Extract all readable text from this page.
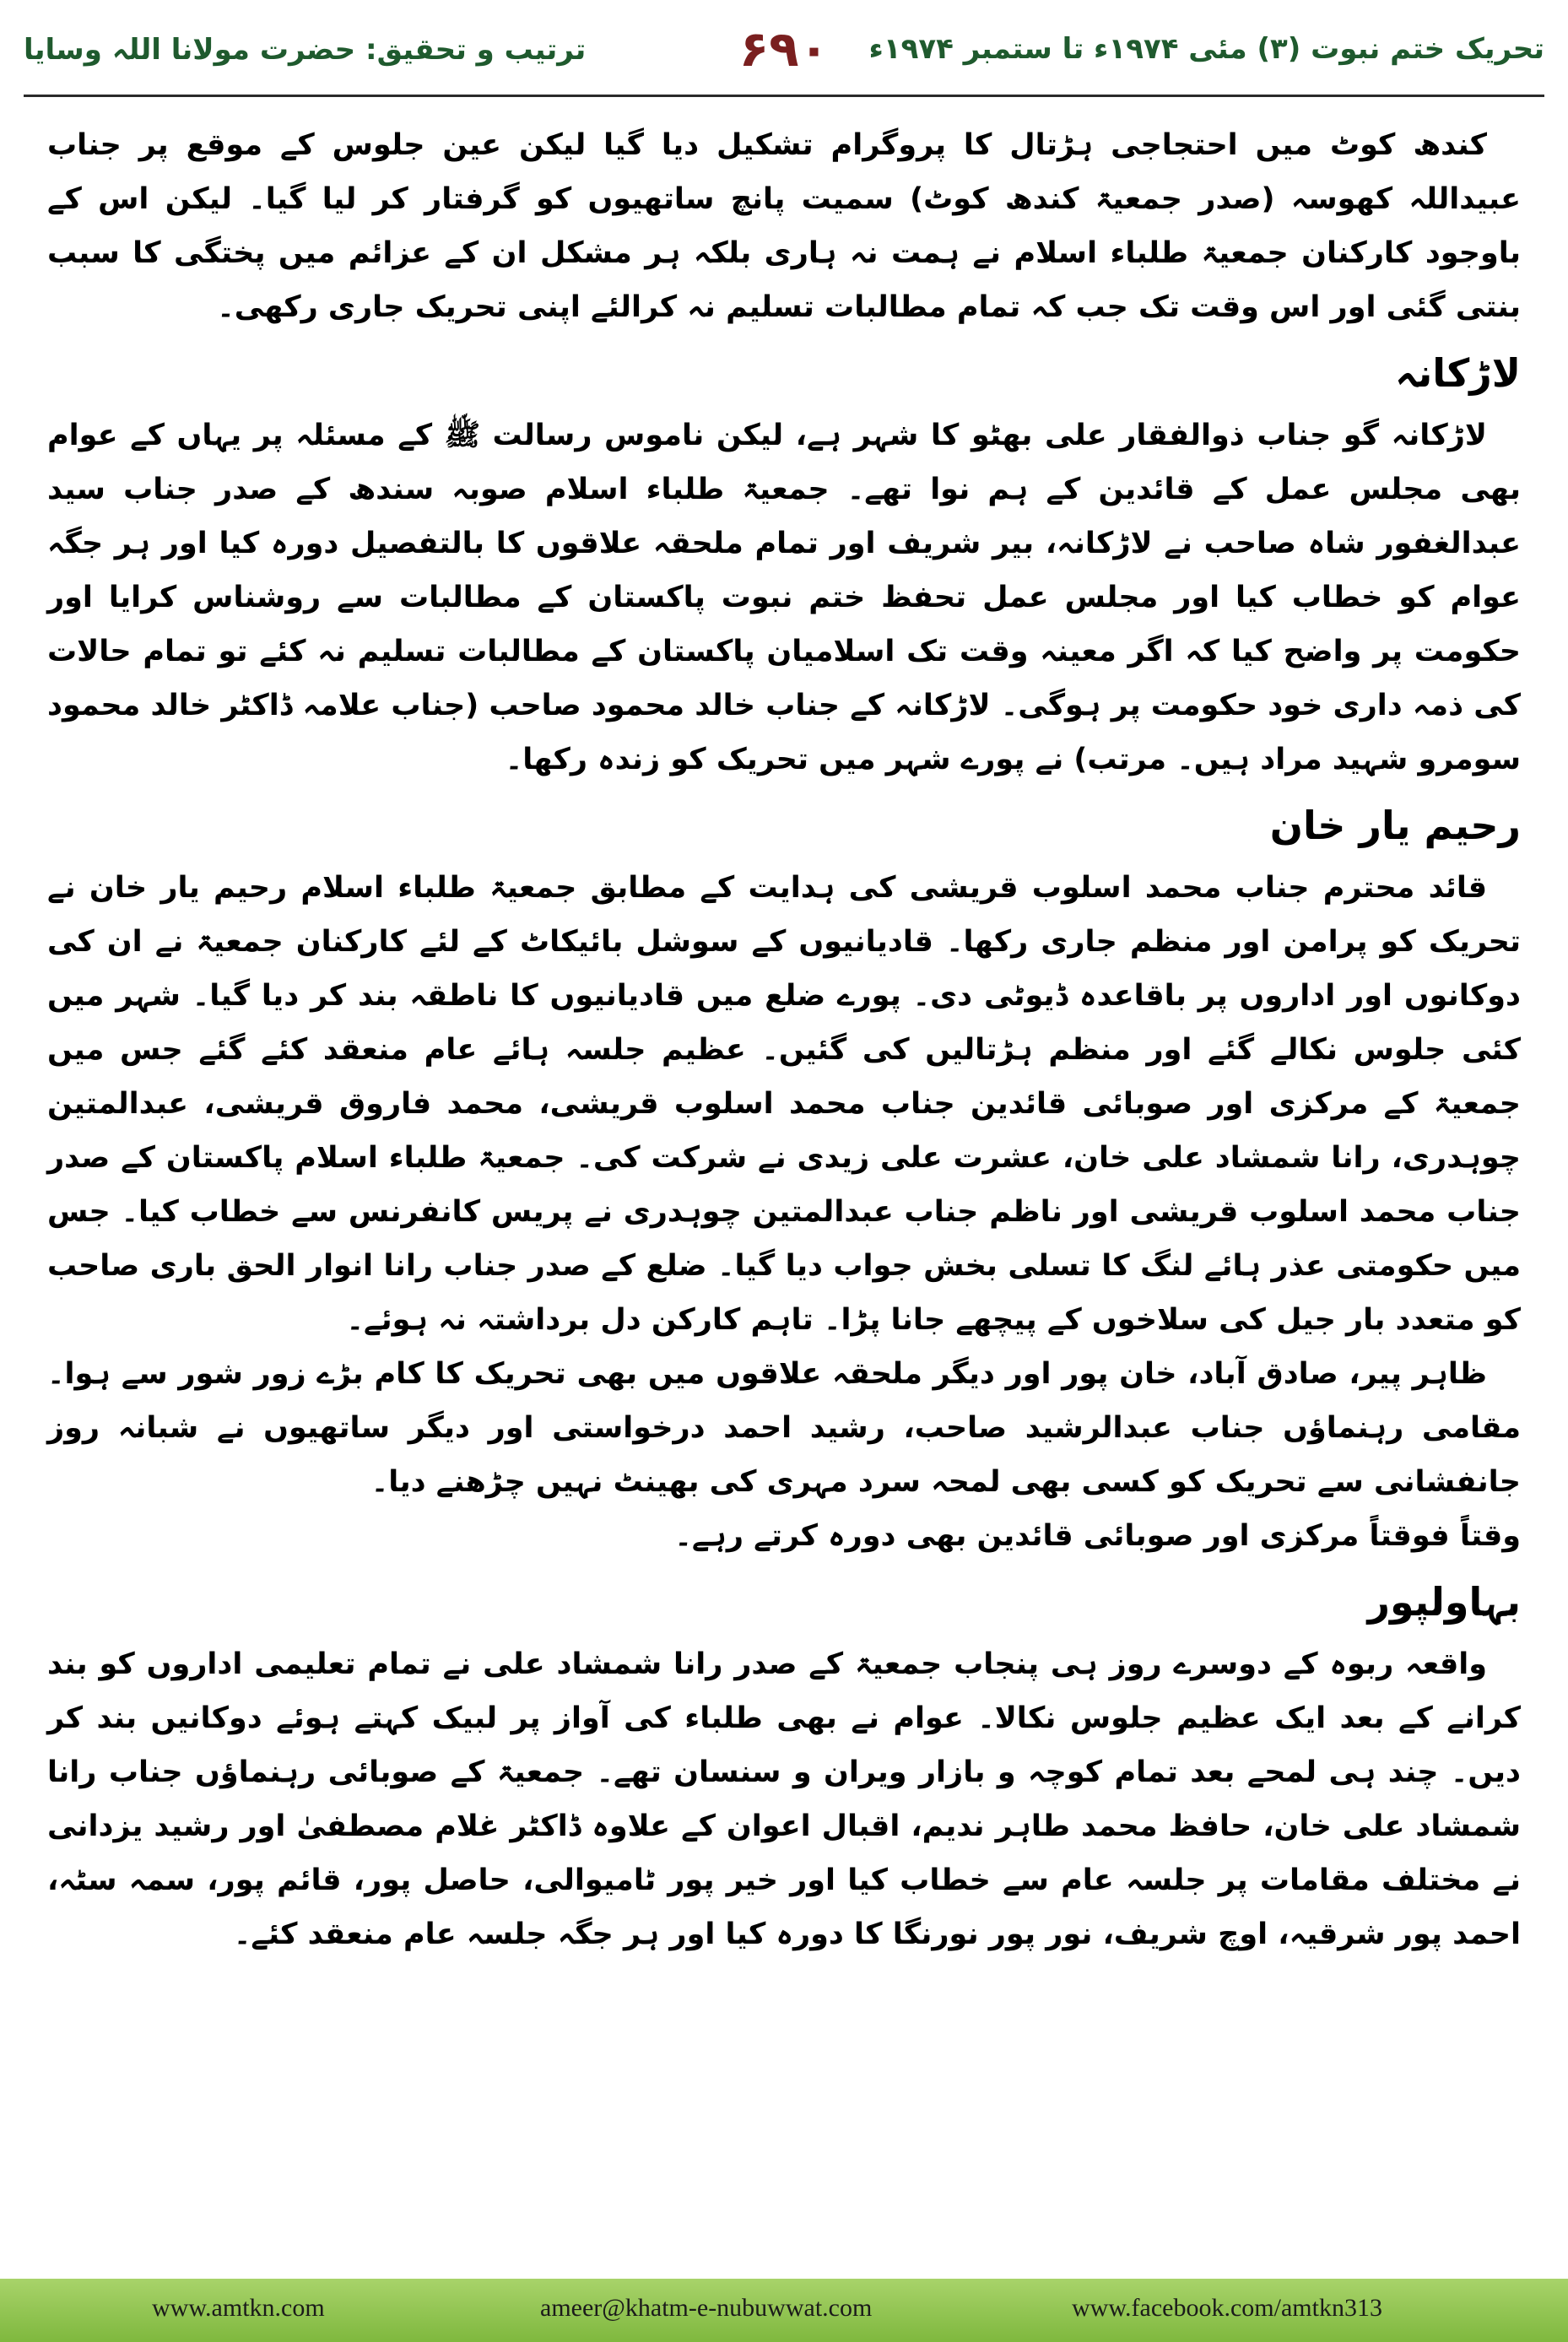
تحریک ختم نبوت (۳) مئی ۱۹۷۴ء تا ستمبر ۱۹۷۴ء
۶۹۰
ترتیب و تحقیق: حضرت مولانا اللہ وسایا

کندھ کوٹ میں احتجاجی ہڑتال کا پروگرام تشکیل دیا گیا لیکن عین جلوس کے موقع پر جناب عبیداللہ کھوسہ (صدر جمعیۃ کندھ کوٹ) سمیت پانچ ساتھیوں کو گرفتار کر لیا گیا۔ لیکن اس کے باوجود کارکنان جمعیۃ طلباء اسلام نے ہمت نہ ہاری بلکہ ہر مشکل ان کے عزائم میں پختگی کا سبب بنتی گئی اور اس وقت تک جب کہ تمام مطالبات تسلیم نہ کرالئے اپنی تحریک جاری رکھی۔

لاڑکانہ

لاڑکانہ گو جناب ذوالفقار علی بھٹو کا شہر ہے، لیکن ناموس رسالت ﷺ کے مسئلہ پر یہاں کے عوام بھی مجلس عمل کے قائدین کے ہم نوا تھے۔ جمعیۃ طلباء اسلام صوبہ سندھ کے صدر جناب سید عبدالغفور شاہ صاحب نے لاڑکانہ، بیر شریف اور تمام ملحقہ علاقوں کا بالتفصیل دورہ کیا اور ہر جگہ عوام کو خطاب کیا اور مجلس عمل تحفظ ختم نبوت پاکستان کے مطالبات سے روشناس کرایا اور حکومت پر واضح کیا کہ اگر معینہ وقت تک اسلامیان پاکستان کے مطالبات تسلیم نہ کئے تو تمام حالات کی ذمہ داری خود حکومت پر ہوگی۔ لاڑکانہ کے جناب خالد محمود صاحب (جناب علامہ ڈاکٹر خالد محمود سومرو شہید مراد ہیں۔ مرتب) نے پورے شہر میں تحریک کو زندہ رکھا۔

رحیم یار خان

قائد محترم جناب محمد اسلوب قریشی کی ہدایت کے مطابق جمعیۃ طلباء اسلام رحیم یار خان نے تحریک کو پرامن اور منظم جاری رکھا۔ قادیانیوں کے سوشل بائیکاٹ کے لئے کارکنان جمعیۃ نے ان کی دوکانوں اور اداروں پر باقاعدہ ڈیوٹی دی۔ پورے ضلع میں قادیانیوں کا ناطقہ بند کر دیا گیا۔ شہر میں کئی جلوس نکالے گئے اور منظم ہڑتالیں کی گئیں۔ عظیم جلسہ ہائے عام منعقد کئے گئے جس میں جمعیۃ کے مرکزی اور صوبائی قائدین جناب محمد اسلوب قریشی، محمد فاروق قریشی، عبدالمتین چوہدری، رانا شمشاد علی خان، عشرت علی زیدی نے شرکت کی۔ جمعیۃ طلباء اسلام پاکستان کے صدر جناب محمد اسلوب قریشی اور ناظم جناب عبدالمتین چوہدری نے پریس کانفرنس سے خطاب کیا۔ جس میں حکومتی عذر ہائے لنگ کا تسلی بخش جواب دیا گیا۔ ضلع کے صدر جناب رانا انوار الحق باری صاحب کو متعدد بار جیل کی سلاخوں کے پیچھے جانا پڑا۔ تاہم کارکن دل برداشتہ نہ ہوئے۔

ظاہر پیر، صادق آباد، خان پور اور دیگر ملحقہ علاقوں میں بھی تحریک کا کام بڑے زور شور سے ہوا۔ مقامی رہنماؤں جناب عبدالرشید صاحب، رشید احمد درخواستی اور دیگر ساتھیوں نے شبانہ روز جانفشانی سے تحریک کو کسی بھی لمحہ سرد مہری کی بھینٹ نہیں چڑھنے دیا۔

وقتاً فوقتاً مرکزی اور صوبائی قائدین بھی دورہ کرتے رہے۔

بہاولپور

واقعہ ربوہ کے دوسرے روز ہی پنجاب جمعیۃ کے صدر رانا شمشاد علی نے تمام تعلیمی اداروں کو بند کرانے کے بعد ایک عظیم جلوس نکالا۔ عوام نے بھی طلباء کی آواز پر لبیک کہتے ہوئے دوکانیں بند کر دیں۔ چند ہی لمحے بعد تمام کوچہ و بازار ویران و سنسان تھے۔ جمعیۃ کے صوبائی رہنماؤں جناب رانا شمشاد علی خان، حافظ محمد طاہر ندیم، اقبال اعوان کے علاوہ ڈاکٹر غلام مصطفیٰ اور رشید یزدانی نے مختلف مقامات پر جلسہ عام سے خطاب کیا اور خیر پور ٹامیوالی، حاصل پور، قائم پور، سمہ سٹہ، احمد پور شرقیہ، اوچ شریف، نور پور نورنگا کا دورہ کیا اور ہر جگہ جلسہ عام منعقد کئے۔

www.amtkn.com	ameer@khatm-e-nubuwwat.com	www.facebook.com/amtkn313
